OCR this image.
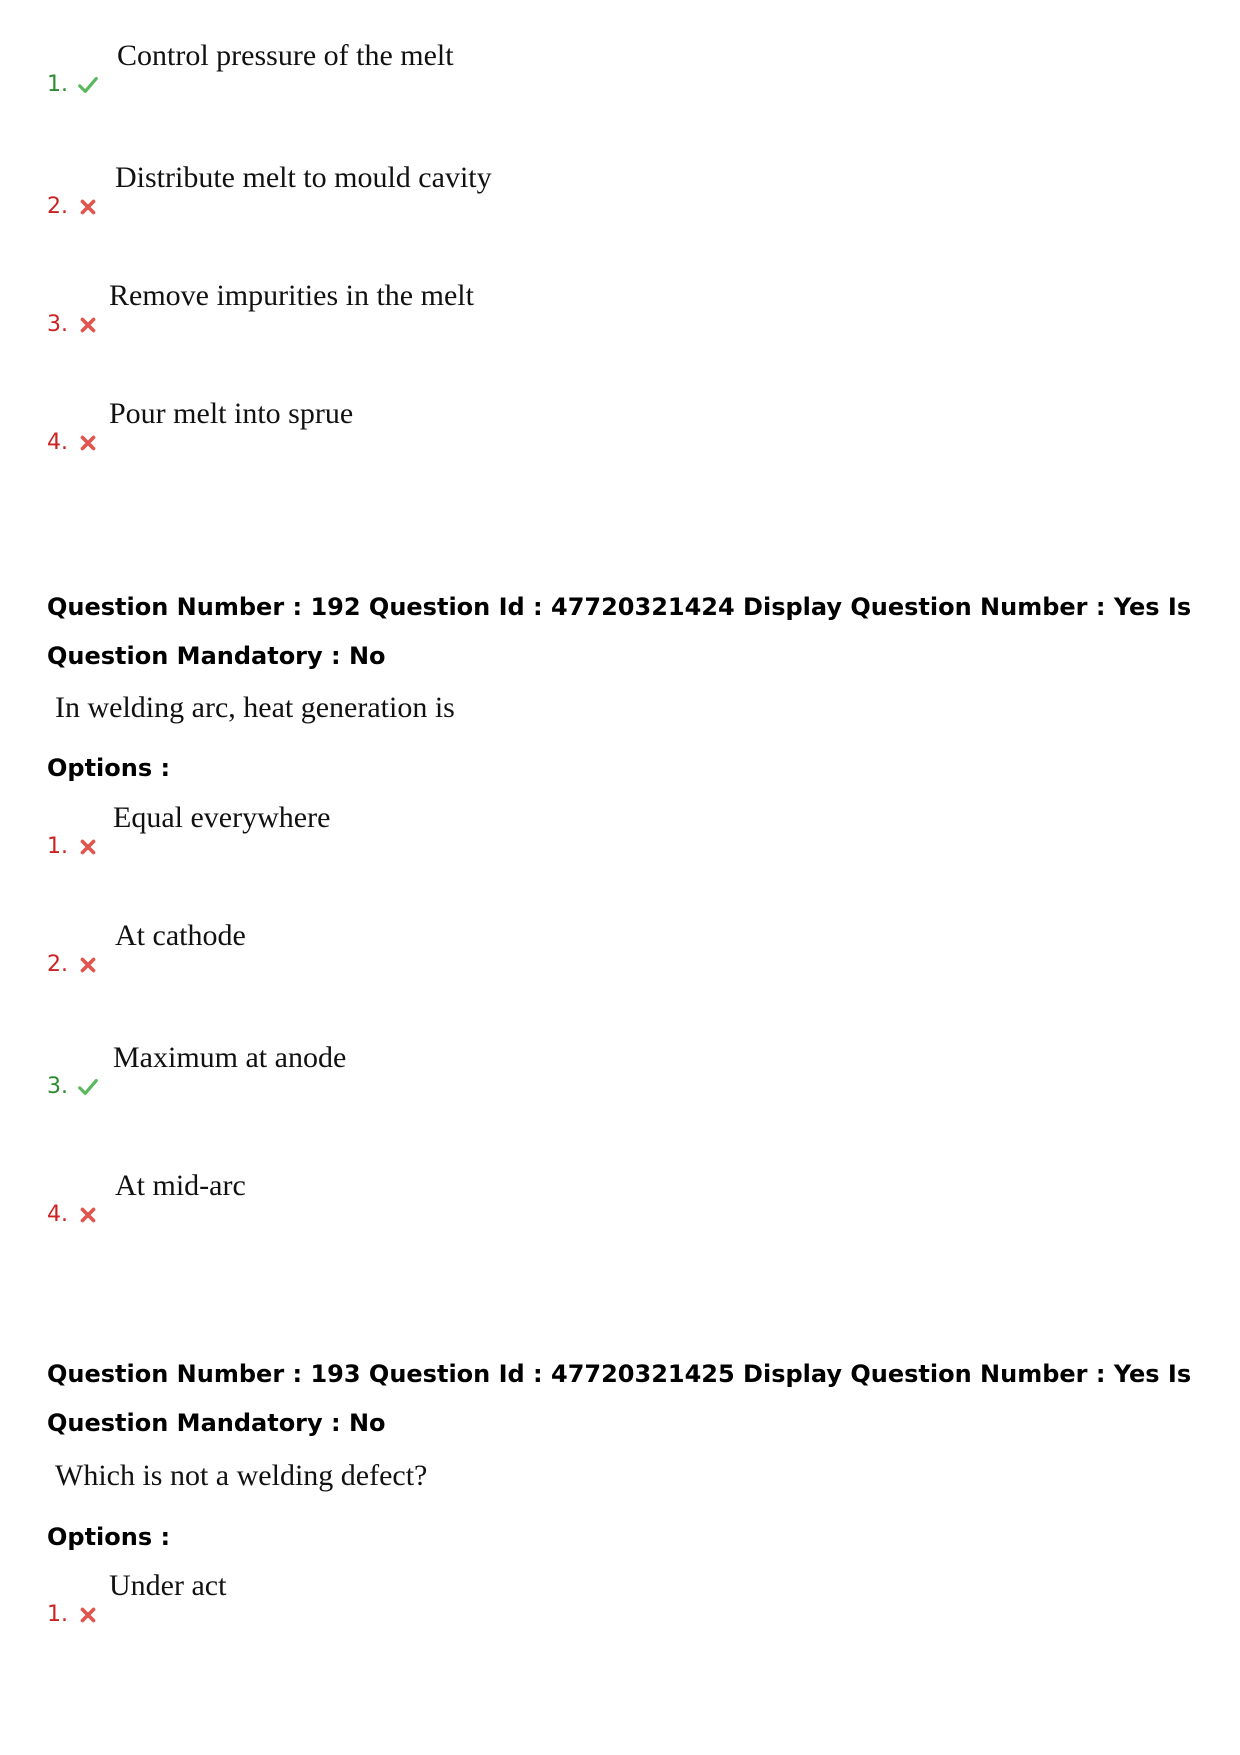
1.
Control pressure of the melt
2.
Distribute melt to mould cavity
3.
Remove impurities in the melt
4.
Pour melt into sprue
Question Number : 192 Question Id : 47720321424 Display Question Number : Yes Is Question Mandatory : No
In welding arc, heat generation is
Options :
1.
Equal everywhere
2.
At cathode
3.
Maximum at anode
4.
At mid-arc
Question Number : 193 Question Id : 47720321425 Display Question Number : Yes Is Question Mandatory : No
Which is not a welding defect?
Options :
1.
Under act
